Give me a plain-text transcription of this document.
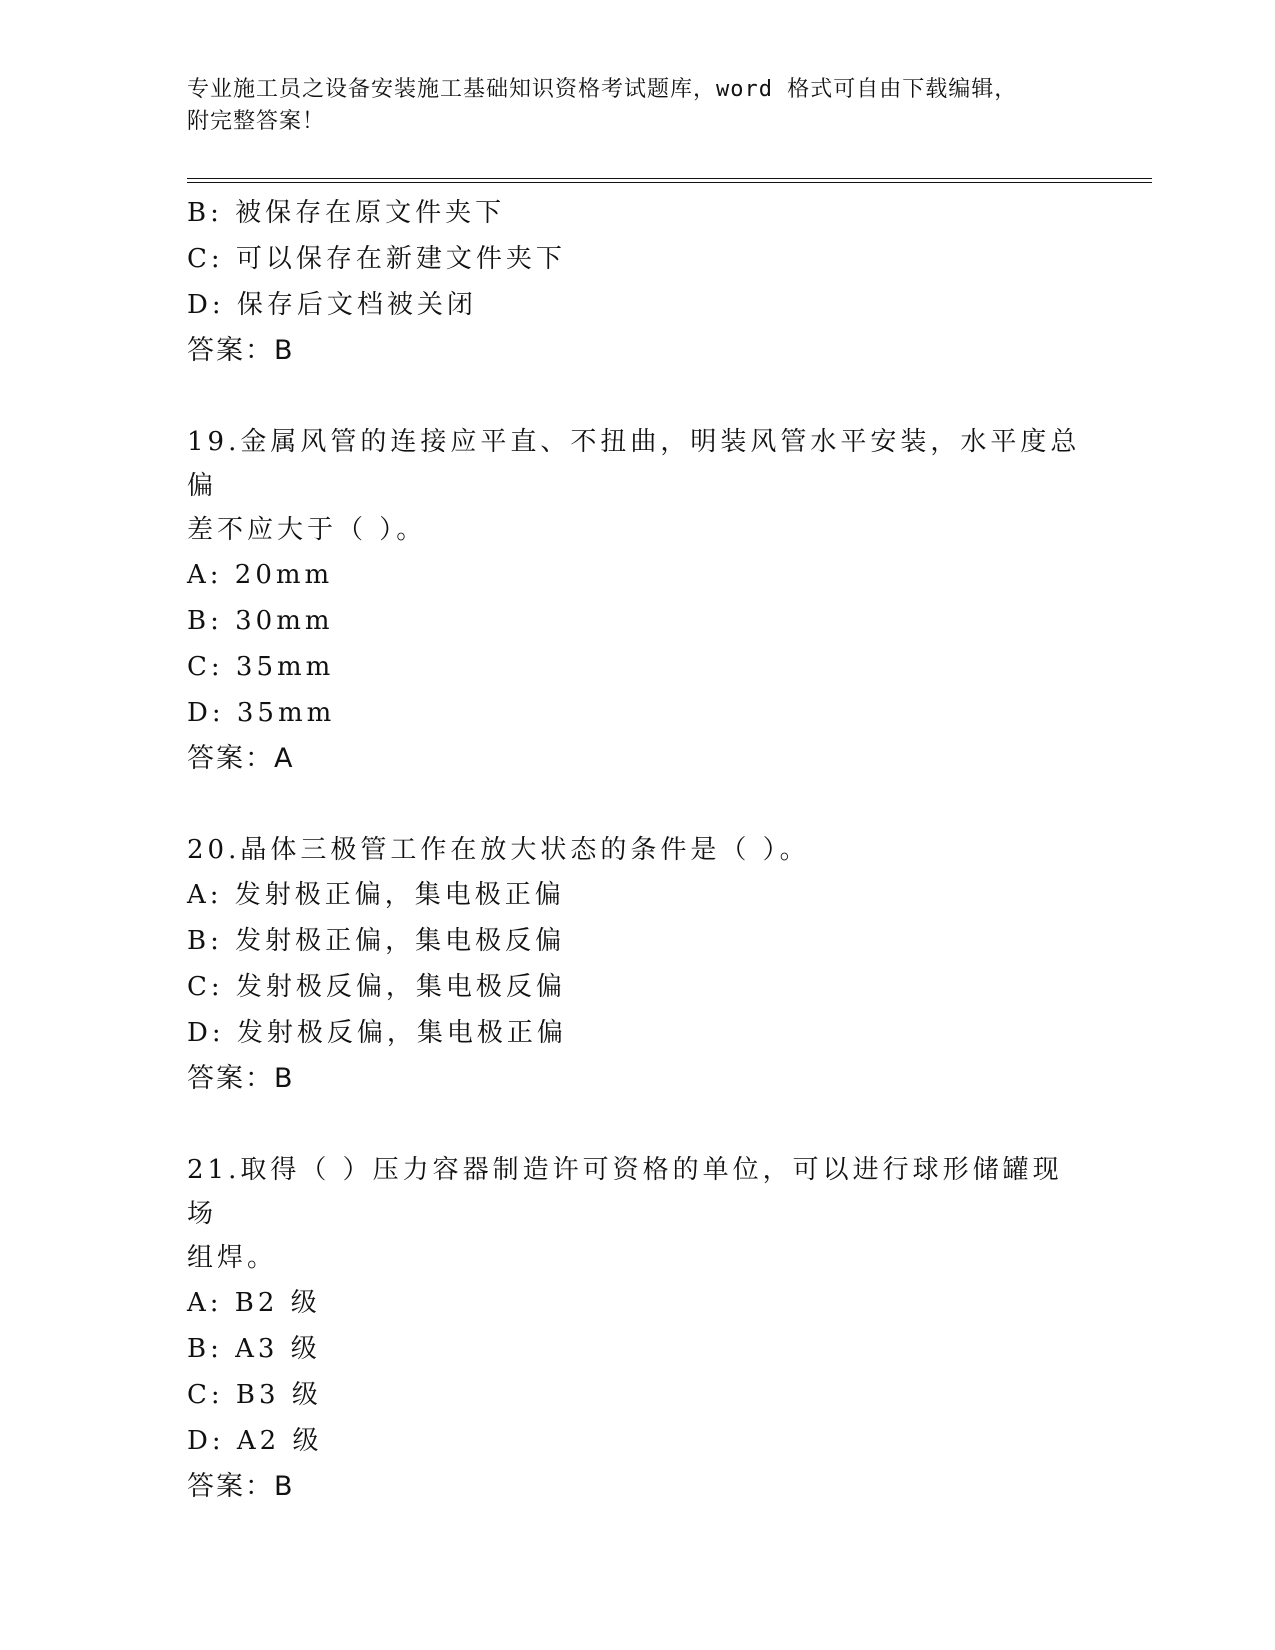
专业施工员之设备安装施工基础知识资格考试题库，word 格式可自由下载编辑，
附完整答案！
B: 被保存在原文件夹下
C: 可以保存在新建文件夹下
D: 保存后文档被关闭
答案：B
19.金属风管的连接应平直、不扭曲，明装风管水平安装，水平度总偏
差不应大于（ ）。
A: 20mm
B: 30mm
C: 35mm
D: 35mm
答案：A
20.晶体三极管工作在放大状态的条件是（ ）。
A: 发射极正偏，集电极正偏
B: 发射极正偏，集电极反偏
C: 发射极反偏，集电极反偏
D: 发射极反偏，集电极正偏
答案：B
21.取得（ ）压力容器制造许可资格的单位，可以进行球形储罐现场
组焊。
A: B2 级
B: A3 级
C: B3 级
D: A2 级
答案：B
